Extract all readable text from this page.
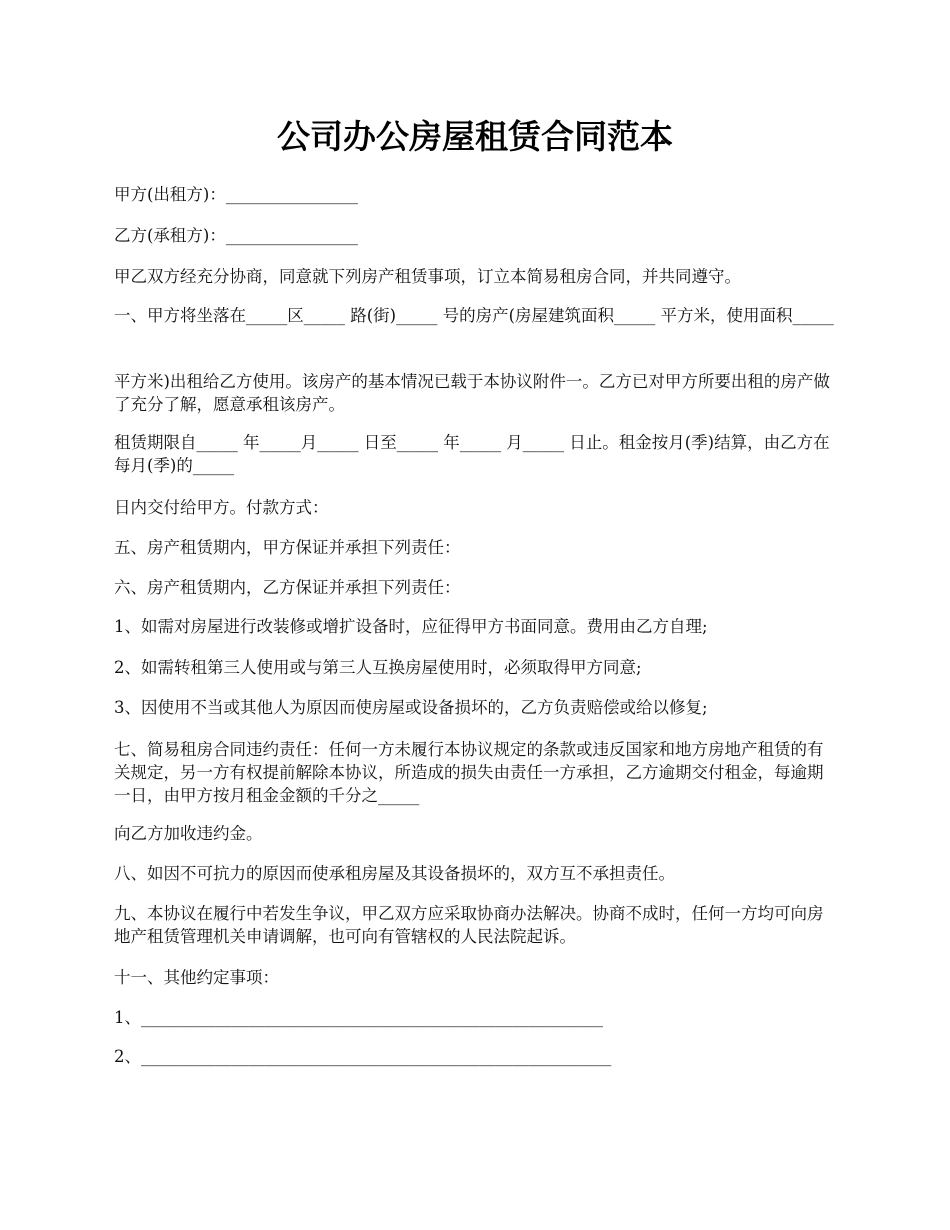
公司办公房屋租赁合同范本

甲方(出租方)：________________

乙方(承租方)：________________

甲乙双方经充分协商，同意就下列房产租赁事项，订立本简易租房合同，并共同遵守。

一、甲方将坐落在_____区_____ 路(街)_____ 号的房产(房屋建筑面积_____ 平方米，使用面积_____

平方米)出租给乙方使用。该房产的基本情况已载于本协议附件一。乙方已对甲方所要出租的房产做了充分了解，愿意承租该房产。

租赁期限自_____ 年_____月_____ 日至_____ 年_____ 月_____ 日止。租金按月(季)结算，由乙方在每月(季)的_____

日内交付给甲方。付款方式：

五、房产租赁期内，甲方保证并承担下列责任：

六、房产租赁期内，乙方保证并承担下列责任：

1、如需对房屋进行改装修或增扩设备时，应征得甲方书面同意。费用由乙方自理;

2、如需转租第三人使用或与第三人互换房屋使用时，必须取得甲方同意;

3、因使用不当或其他人为原因而使房屋或设备损坏的，乙方负责赔偿或给以修复;

七、简易租房合同违约责任：任何一方未履行本协议规定的条款或违反国家和地方房地产租赁的有关规定，另一方有权提前解除本协议，所造成的损失由责任一方承担，乙方逾期交付租金，每逾期一日，由甲方按月租金金额的千分之_____

向乙方加收违约金。

八、如因不可抗力的原因而使承租房屋及其设备损坏的，双方互不承担责任。

九、本协议在履行中若发生争议，甲乙双方应采取协商办法解决。协商不成时，任何一方均可向房地产租赁管理机关申请调解，也可向有管辖权的人民法院起诉。

十一、其他约定事项：

1、________________________________________________________

2、_________________________________________________________
